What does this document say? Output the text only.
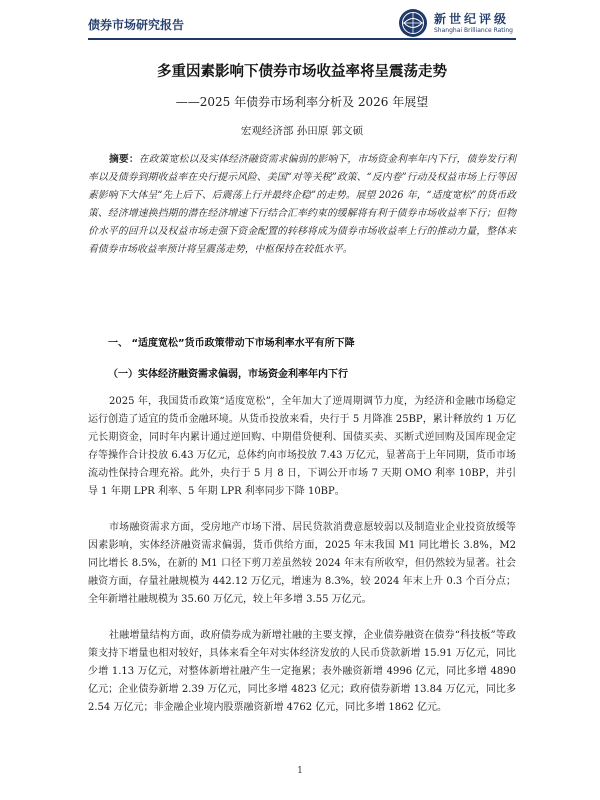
债券市场研究报告	新世纪评级
Shanghai Brilliance Rating
多重因素影响下债券市场收益率将呈震荡走势
——2025 年债券市场利率分析及 2026 年展望
宏观经济部 孙田原 郭文硕

摘要：在政策宽松以及实体经济融资需求偏弱的影响下，市场资金利率年内下行，债券发行利率以及债券到期收益率在央行提示风险、美国“对等关税”政策、“反内卷”行动及权益市场上行等因素影响下大体呈“先上后下、后震荡上行并最终企稳”的走势。展望 2026 年，“适度宽松”的货币政策、经济增速换挡期的潜在经济增速下行结合汇率约束的缓解将有利于债券市场收益率下行；但物价水平的回升以及权益市场走强下资金配置的转移将成为债券市场收益率上行的推动力量，整体来看债券市场收益率预计将呈震荡走势，中枢保持在较低水平。

一、 “适度宽松”货币政策带动下市场利率水平有所下降
（一）实体经济融资需求偏弱，市场资金利率年内下行

2025 年，我国货币政策“适度宽松”，全年加大了逆周期调节力度，为经济和金融市场稳定运行创造了适宜的货币金融环境。从货币投放来看，央行于 5 月降准 25BP，累计释放约 1 万亿元长期资金，同时年内累计通过逆回购、中期借贷便利、国债买卖、买断式逆回购及国库现金定存等操作合计投放 6.43 万亿元，总体约向市场投放 7.43 万亿元，显著高于上年同期，货币市场流动性保持合理充裕。此外，央行于 5 月 8 日，下调公开市场 7 天期 OMO 利率 10BP，并引导 1 年期 LPR 利率、5 年期 LPR 利率同步下降 10BP。

市场融资需求方面，受房地产市场下滑、居民贷款消费意愿较弱以及制造业企业投资放缓等因素影响，实体经济融资需求偏弱，货币供给方面，2025 年末我国 M1 同比增长 3.8%，M2 同比增长 8.5%，在新的 M1 口径下剪刀差虽然较 2024 年末有所收窄，但仍然较为显著。社会融资方面，存量社融规模为 442.12 万亿元，增速为 8.3%，较 2024 年末上升 0.3 个百分点；全年新增社融规模为 35.60 万亿元，较上年多增 3.55 万亿元。

社融增量结构方面，政府债券成为新增社融的主要支撑，企业债券融资在债券“科技板”等政策支持下增量也相对较好，具体来看全年对实体经济发放的人民币贷款新增 15.91 万亿元，同比少增 1.13 万亿元，对整体新增社融产生一定拖累；表外融资新增 4996 亿元，同比多增 4890 亿元；企业债券新增 2.39 万亿元，同比多增 4823 亿元；政府债券新增 13.84 万亿元，同比多 2.54 万亿元；非金融企业境内股票融资新增 4762 亿元，同比多增 1862 亿元。

1
